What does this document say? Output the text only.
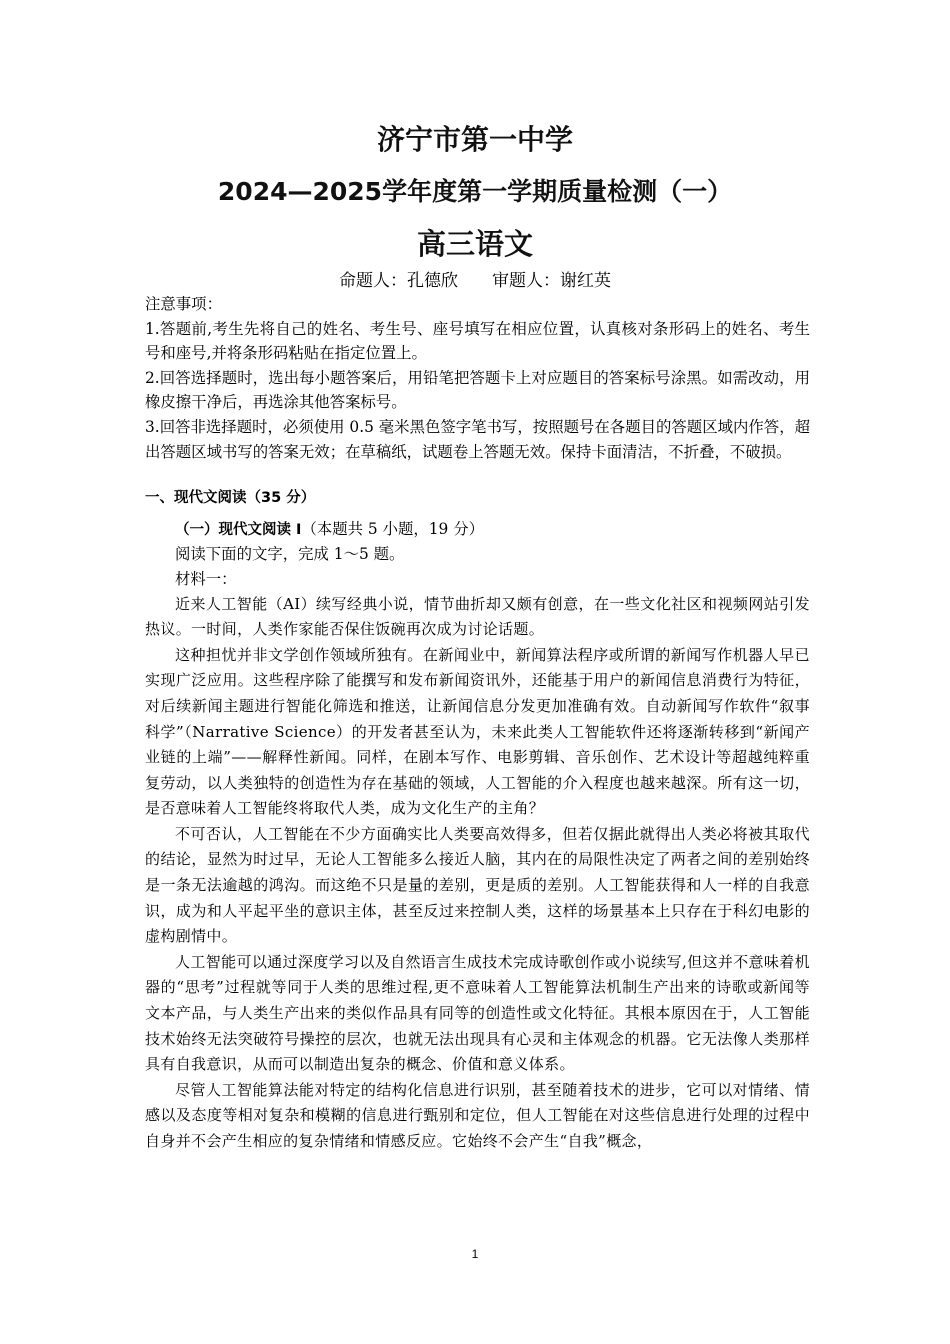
济宁市第一中学
2024—2025学年度第一学期质量检测（一）
高三语文
命题人：孔德欣 审题人：谢红英

注意事项：

1.答题前,考生先将自己的姓名、考生号、座号填写在相应位置，认真核对条形码上的姓名、考生号和座号,并将条形码粘贴在指定位置上。

2.回答选择题时，选出每小题答案后，用铅笔把答题卡上对应题目的答案标号涂黑。如需改动，用橡皮擦干净后，再选涂其他答案标号。

3.回答非选择题时，必须使用 0.5 毫米黑色签字笔书写，按照题号在各题目的答题区域内作答，超出答题区域书写的答案无效；在草稿纸，试题卷上答题无效。保持卡面清洁，不折叠，不破损。

一、现代文阅读（35 分）

（一）现代文阅读 I（本题共 5 小题，19 分）

阅读下面的文字，完成 1～5 题。

材料一：

近来人工智能（AI）续写经典小说，情节曲折却又颇有创意，在一些文化社区和视频网站引发热议。一时间，人类作家能否保住饭碗再次成为讨论话题。

这种担忧并非文学创作领域所独有。在新闻业中，新闻算法程序或所谓的新闻写作机器人早已实现广泛应用。这些程序除了能撰写和发布新闻资讯外，还能基于用户的新闻信息消费行为特征，对后续新闻主题进行智能化筛选和推送，让新闻信息分发更加准确有效。自动新闻写作软件“叙事科学”（Narrative Science）的开发者甚至认为，未来此类人工智能软件还将逐渐转移到“新闻产业链的上端”——解释性新闻。同样，在剧本写作、电影剪辑、音乐创作、艺术设计等超越纯粹重复劳动，以人类独特的创造性为存在基础的领域，人工智能的介入程度也越来越深。所有这一切，是否意味着人工智能终将取代人类，成为文化生产的主角？

不可否认，人工智能在不少方面确实比人类要高效得多，但若仅据此就得出人类必将被其取代的结论，显然为时过早，无论人工智能多么接近人脑，其内在的局限性决定了两者之间的差别始终是一条无法逾越的鸿沟。而这绝不只是量的差别，更是质的差别。人工智能获得和人一样的自我意识，成为和人平起平坐的意识主体，甚至反过来控制人类，这样的场景基本上只存在于科幻电影的虚构剧情中。

人工智能可以通过深度学习以及自然语言生成技术完成诗歌创作或小说续写,但这并不意味着机器的“思考”过程就等同于人类的思维过程,更不意味着人工智能算法机制生产出来的诗歌或新闻等文本产品，与人类生产出来的类似作品具有同等的创造性或文化特征。其根本原因在于，人工智能技术始终无法突破符号操控的层次，也就无法出现具有心灵和主体观念的机器。它无法像人类那样具有自我意识，从而可以制造出复杂的概念、价值和意义体系。

尽管人工智能算法能对特定的结构化信息进行识别，甚至随着技术的进步，它可以对情绪、情感以及态度等相对复杂和模糊的信息进行甄别和定位，但人工智能在对这些信息进行处理的过程中自身并不会产生相应的复杂情绪和情感反应。它始终不会产生“自我”概念，

1
